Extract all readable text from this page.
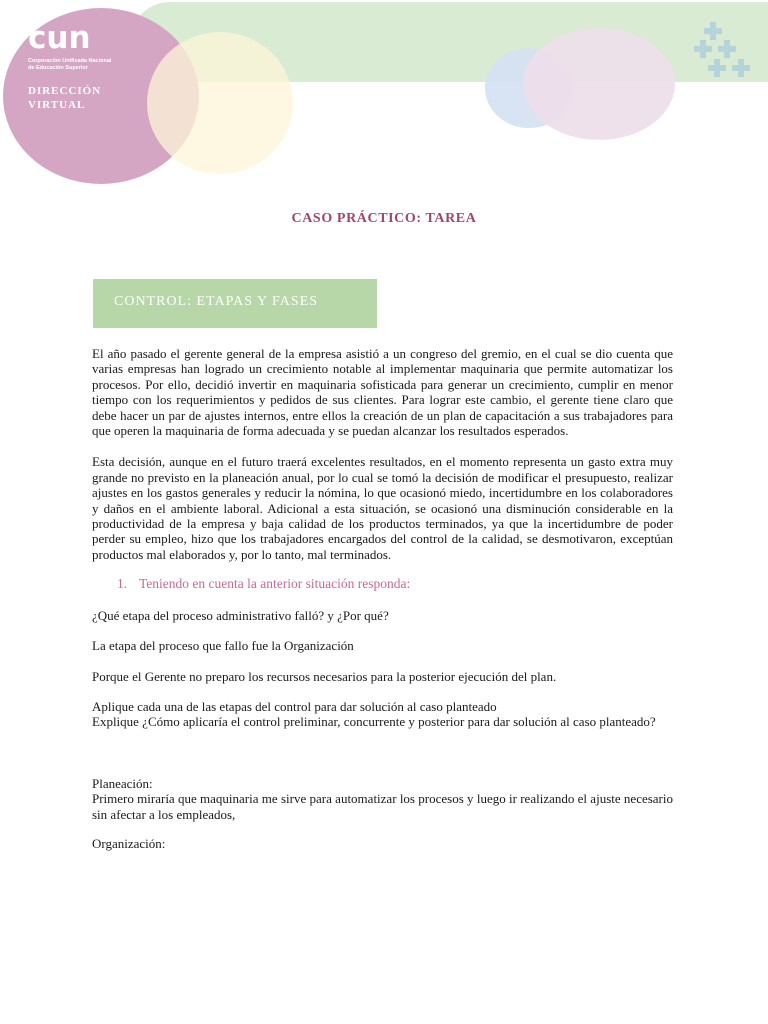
cun
Corporación Unificada Nacional
de Educación Superior
DIRECCIÓN
VIRTUAL
CASO PRÁCTICO: TAREA
CONTROL: ETAPAS Y FASES

El año pasado el gerente general de la empresa asistió a un congreso del gremio, en el cual se dio cuenta que varias empresas han logrado un crecimiento notable al implementar maquinaria que permite automatizar los procesos. Por ello, decidió invertir en maquinaria sofisticada para generar un crecimiento, cumplir en menor tiempo con los requerimientos y pedidos de sus clientes. Para lograr este cambio, el gerente tiene claro que debe hacer un par de ajustes internos, entre ellos la creación de un plan de capacitación a sus trabajadores para que operen la maquinaria de forma adecuada y se puedan alcanzar los resultados esperados.

Esta decisión, aunque en el futuro traerá excelentes resultados, en el momento representa un gasto extra muy grande no previsto en la planeación anual, por lo cual se tomó la decisión de modificar el presupuesto, realizar ajustes en los gastos generales y reducir la nómina, lo que ocasionó miedo, incertidumbre en los colaboradores y daños en el ambiente laboral. Adicional a esta situación, se ocasionó una disminución considerable en la productividad de la empresa y baja calidad de los productos terminados, ya que la incertidumbre de poder perder su empleo, hizo que los trabajadores encargados del control de la calidad, se desmotivaron, exceptúan productos mal elaborados y, por lo tanto, mal terminados.

1. Teniendo en cuenta la anterior situación responda:

¿Qué etapa del proceso administrativo falló? y ¿Por qué?

La etapa del proceso que fallo fue la Organización

Porque el Gerente no preparo los recursos necesarios para la posterior ejecución del plan.

Aplique cada una de las etapas del control para dar solución al caso planteado

Explique ¿Cómo aplicaría el control preliminar, concurrente y posterior para dar solución al caso planteado?

Planeación:

Primero miraría que maquinaria me sirve para automatizar los procesos y luego ir realizando el ajuste necesario sin afectar a los empleados,

Organización:
